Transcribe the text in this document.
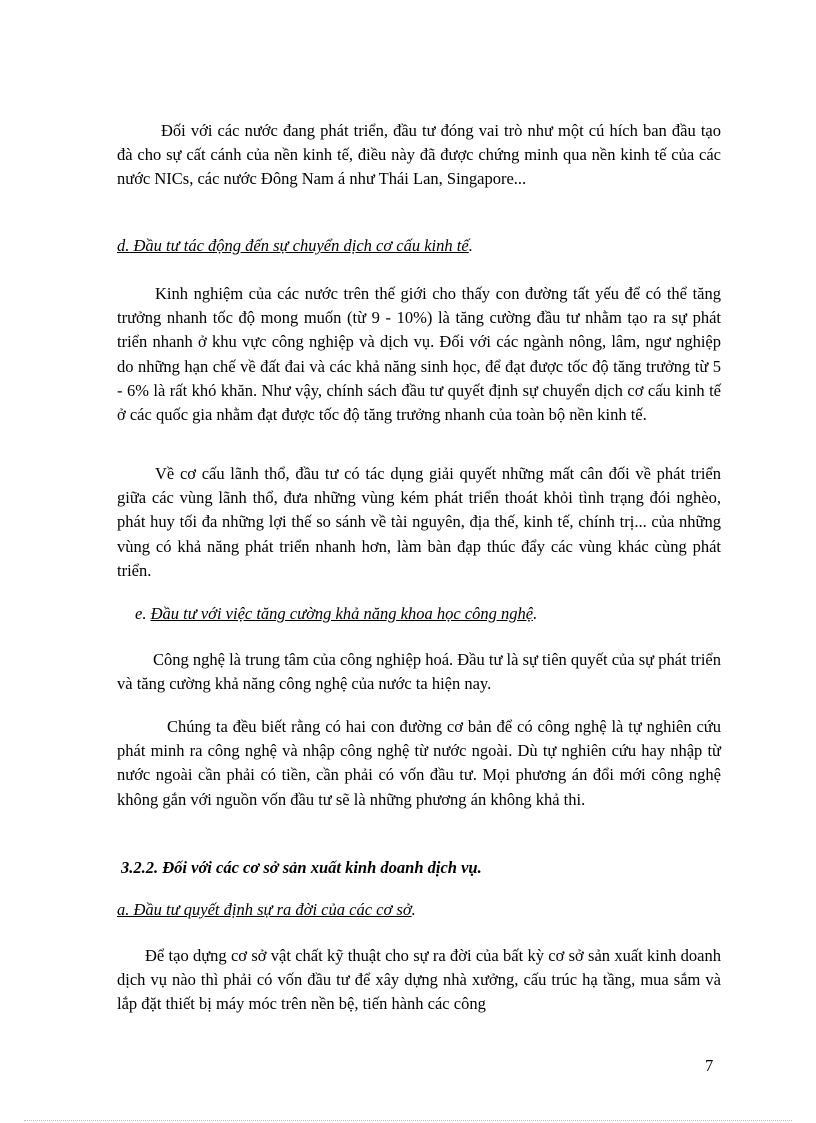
Đối với các nước đang phát triển, đầu tư đóng vai trò như một cú hích ban đầu tạo đà cho sự cất cánh của nền kinh tế, điều này đã được chứng minh qua nền kinh tế của các nước NICs, các nước Đông Nam á như Thái Lan, Singapore...
d. Đầu tư tác động đến sự chuyển dịch cơ cấu kinh tế.
Kinh nghiệm của các nước trên thế giới cho thấy con đường tất yếu để có thể tăng trưởng nhanh tốc độ mong muốn (từ 9 - 10%) là tăng cường đầu tư nhằm tạo ra sự phát triển nhanh ở khu vực công nghiệp và dịch vụ. Đối với các ngành nông, lâm, ngư nghiệp do những hạn chế về đất đai và các khả năng sinh học, để đạt được tốc độ tăng trưởng từ 5 - 6% là rất khó khăn. Như vậy, chính sách đầu tư quyết định sự chuyển dịch cơ cấu kinh tế ở các quốc gia nhằm đạt được tốc độ tăng trưởng nhanh của toàn bộ nền kinh tế.
Về cơ cấu lãnh thổ, đầu tư có tác dụng giải quyết những mất cân đối về phát triển giữa các vùng lãnh thổ, đưa những vùng kém phát triển thoát khỏi tình trạng đói nghèo, phát huy tối đa những lợi thế so sánh về tài nguyên, địa thế, kinh tế, chính trị... của những vùng có khả năng phát triển nhanh hơn, làm bàn đạp thúc đẩy các vùng khác cùng phát triển.
e. Đầu tư với việc tăng cường khả năng khoa học công nghệ.
Công nghệ là trung tâm của công nghiệp hoá. Đầu tư là sự tiên quyết của sự phát triển và tăng cường khả năng công nghệ của nước ta hiện nay.
Chúng ta đều biết rằng có hai con đường cơ bản để có công nghệ là tự nghiên cứu phát minh ra công nghệ và nhập công nghệ từ nước ngoài. Dù tự nghiên cứu hay nhập từ nước ngoài cần phải có tiền, cần phải có vốn đầu tư. Mọi phương án đổi mới công nghệ không gắn với nguồn vốn đầu tư sẽ là những phương án không khả thi.
3.2.2. Đối với các cơ sở sản xuất kinh doanh dịch vụ.
a. Đầu tư quyết định sự ra đời của các cơ sở.
Để tạo dựng cơ sở vật chất kỹ thuật cho sự ra đời của bất kỳ cơ sở sản xuất kinh doanh dịch vụ nào thì phải có vốn đầu tư để xây dựng nhà xưởng, cấu trúc hạ tầng, mua sắm và lắp đặt thiết bị máy móc trên nền bệ, tiến hành các công
7
